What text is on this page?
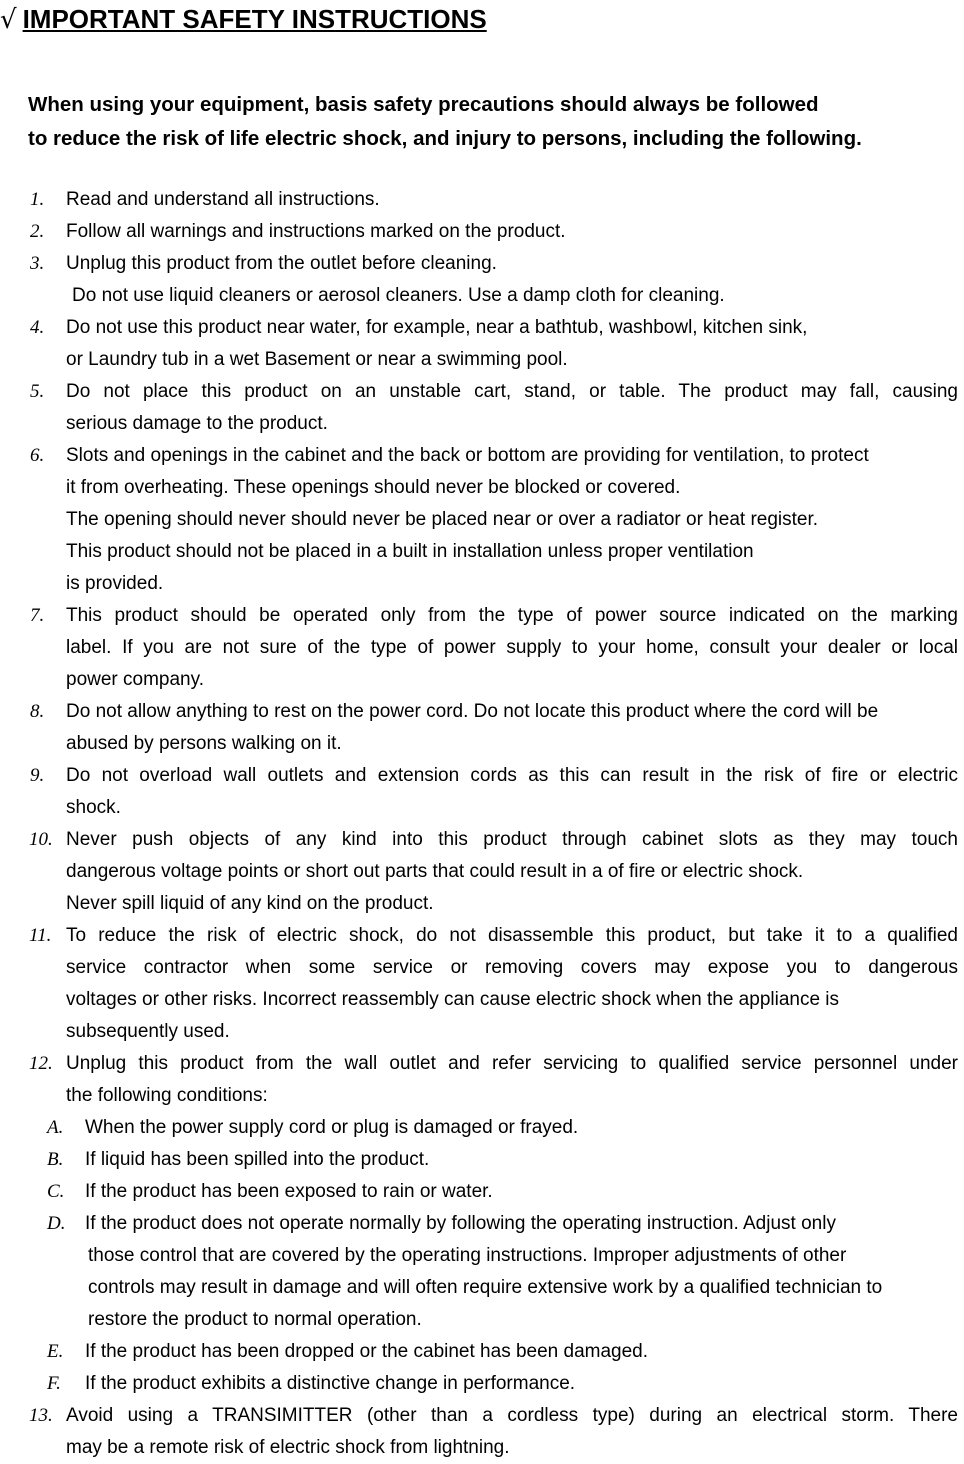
√ IMPORTANT SAFETY INSTRUCTIONS
When using your equipment, basis safety precautions should always be followed
to reduce the risk of life electric shock, and injury to persons, including the following.
1. Read and understand all instructions.
2. Follow all warnings and instructions marked on the product.
3. Unplug this product from the outlet before cleaning.
Do not use liquid cleaners or aerosol cleaners. Use a damp cloth for cleaning.
4. Do not use this product near water, for example, near a bathtub, washbowl, kitchen sink,
or Laundry tub in a wet Basement or near a swimming pool.
5. Do not place this product on an unstable cart, stand, or table. The product may fall, causing
serious damage to the product.
6. Slots and openings in the cabinet and the back or bottom are providing for ventilation, to protect
it from overheating. These openings should never be blocked or covered.
The opening should never should never be placed near or over a radiator or heat register.
This product should not be placed in a built in installation unless proper ventilation
is provided.
7. This product should be operated only from the type of power source indicated on the marking
label. If you are not sure of the type of power supply to your home, consult your dealer or local
power company.
8. Do not allow anything to rest on the power cord. Do not locate this product where the cord will be
abused by persons walking on it.
9. Do not overload wall outlets and extension cords as this can result in the risk of fire or electric
shock.
10. Never push objects of any kind into this product through cabinet slots as they may touch
dangerous voltage points or short out parts that could result in a of fire or electric shock.
Never spill liquid of any kind on the product.
11. To reduce the risk of electric shock, do not disassemble this product, but take it to a qualified
service contractor when some service or removing covers may expose you to dangerous
voltages or other risks. Incorrect reassembly can cause electric shock when the appliance is
subsequently used.
12. Unplug this product from the wall outlet and refer servicing to qualified service personnel under
the following conditions:
A. When the power supply cord or plug is damaged or frayed.
B. If liquid has been spilled into the product.
C. If the product has been exposed to rain or water.
D. If the product does not operate normally by following the operating instruction. Adjust only
those control that are covered by the operating instructions. Improper adjustments of other
controls may result in damage and will often require extensive work by a qualified technician to
restore the product to normal operation.
E. If the product has been dropped or the cabinet has been damaged.
F. If the product exhibits a distinctive change in performance.
13. Avoid using a TRANSIMITTER (other than a cordless type) during an electrical storm. There
may be a remote risk of electric shock from lightning.
